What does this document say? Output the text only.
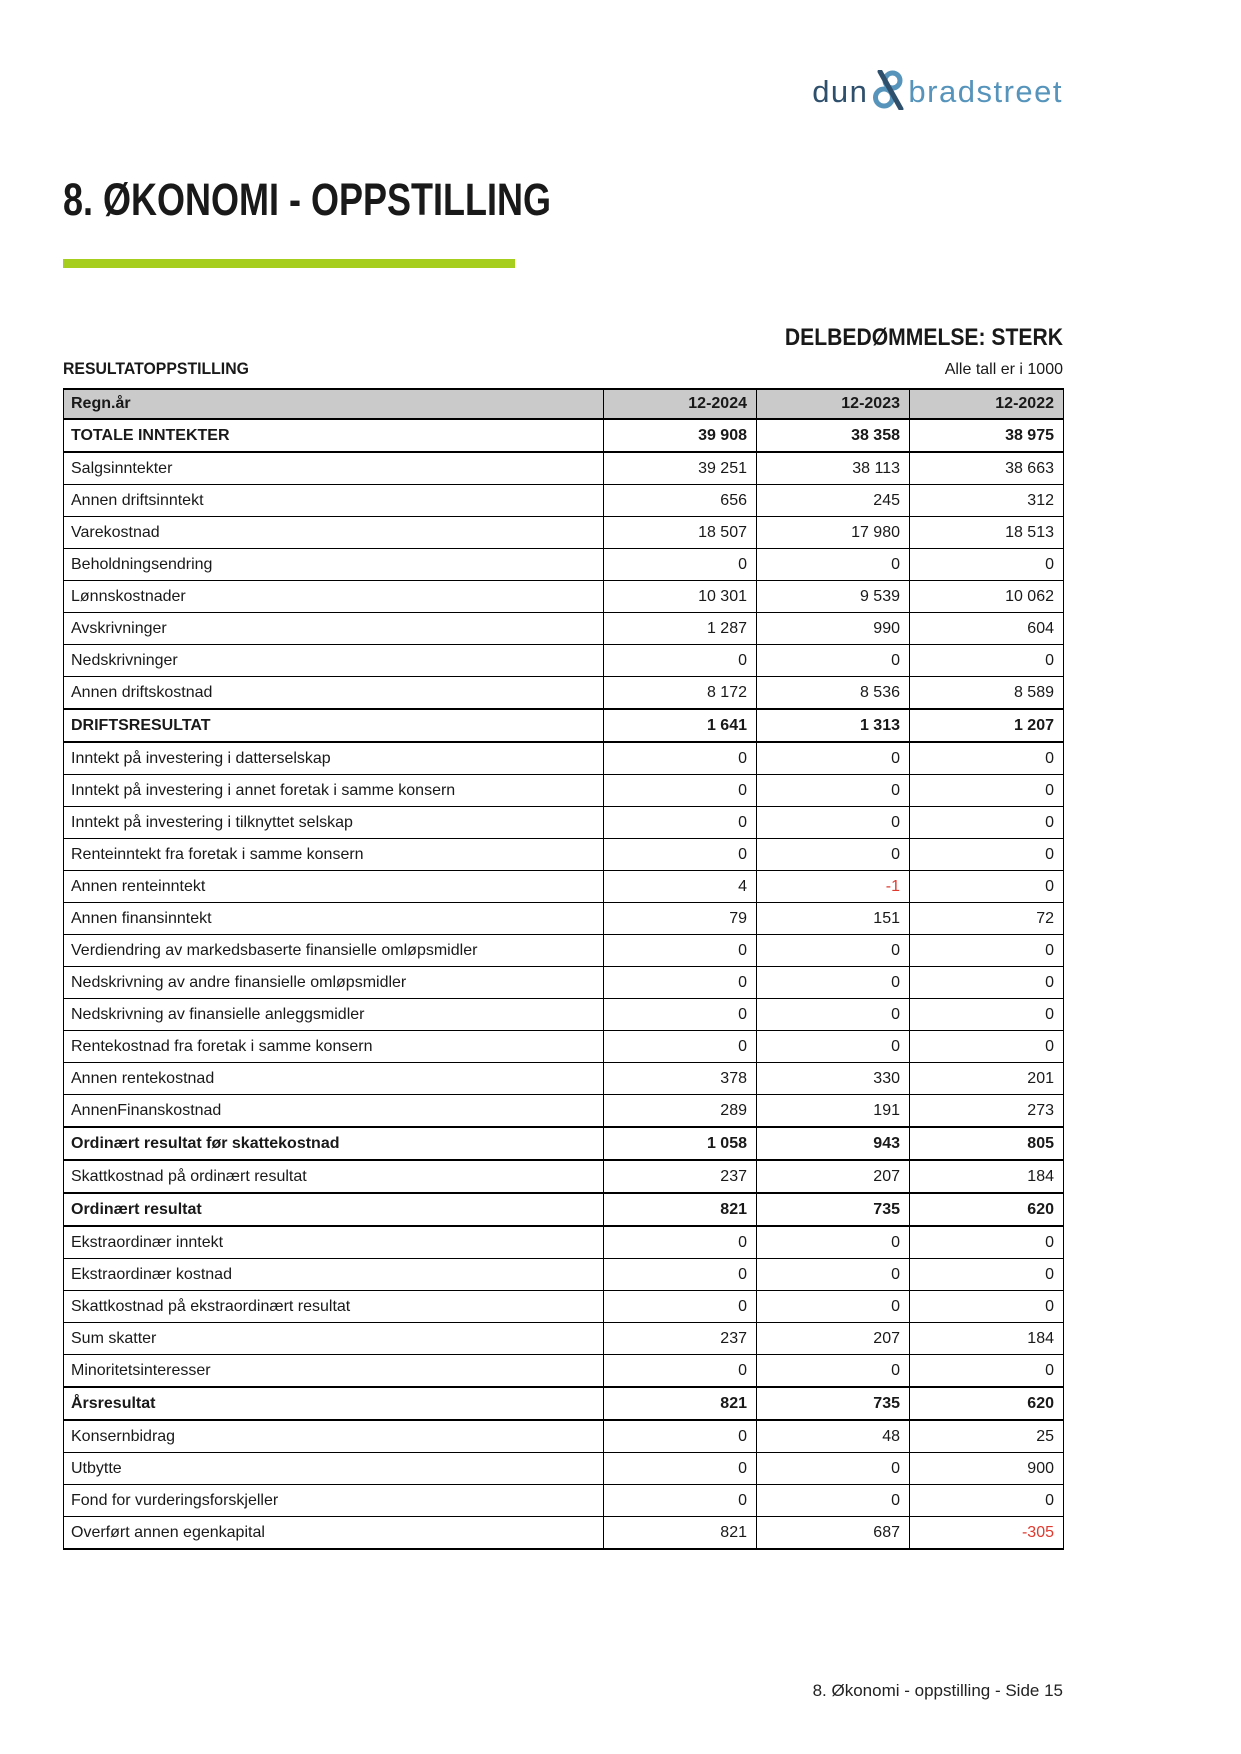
dun bradstreet
8. ØKONOMI - OPPSTILLING
DELBEDØMMELSE: STERK
RESULTATOPPSTILLING	Alle tall er i 1000
Regn.år	12-2024	12-2023	12-2022
TOTALE INNTEKTER	39 908	38 358	38 975
Salgsinntekter	39 251	38 113	38 663
Annen driftsinntekt	656	245	312
Varekostnad	18 507	17 980	18 513
Beholdningsendring	0	0	0
Lønnskostnader	10 301	9 539	10 062
Avskrivninger	1 287	990	604
Nedskrivninger	0	0	0
Annen driftskostnad	8 172	8 536	8 589
DRIFTSRESULTAT	1 641	1 313	1 207
Inntekt på investering i datterselskap	0	0	0
Inntekt på investering i annet foretak i samme konsern	0	0	0
Inntekt på investering i tilknyttet selskap	0	0	0
Renteinntekt fra foretak i samme konsern	0	0	0
Annen renteinntekt	4	-1	0
Annen finansinntekt	79	151	72
Verdiendring av markedsbaserte finansielle omløpsmidler	0	0	0
Nedskrivning av andre finansielle omløpsmidler	0	0	0
Nedskrivning av finansielle anleggsmidler	0	0	0
Rentekostnad fra foretak i samme konsern	0	0	0
Annen rentekostnad	378	330	201
AnnenFinanskostnad	289	191	273
Ordinært resultat før skattekostnad	1 058	943	805
Skattkostnad på ordinært resultat	237	207	184
Ordinært resultat	821	735	620
Ekstraordinær inntekt	0	0	0
Ekstraordinær kostnad	0	0	0
Skattkostnad på ekstraordinært resultat	0	0	0
Sum skatter	237	207	184
Minoritetsinteresser	0	0	0
Årsresultat	821	735	620
Konsernbidrag	0	48	25
Utbytte	0	0	900
Fond for vurderingsforskjeller	0	0	0
Overført annen egenkapital	821	687	-305
8. Økonomi - oppstilling - Side 15
